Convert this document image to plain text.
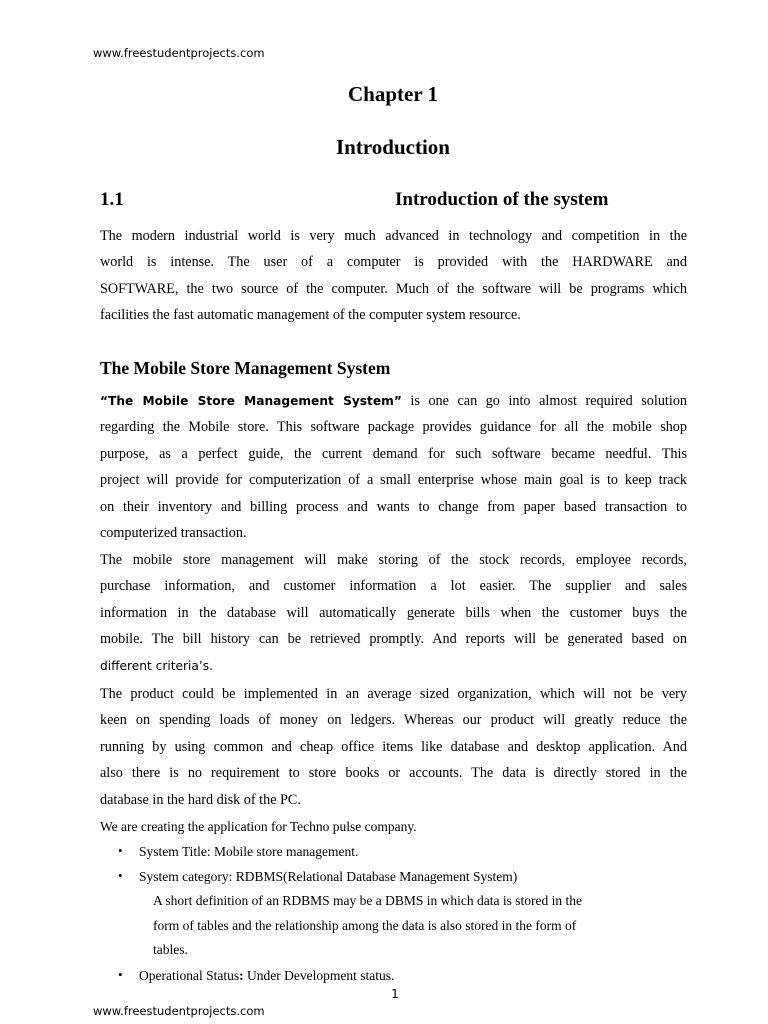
www.freestudentprojects.com
Chapter 1
Introduction
1.1	Introduction of the system
The modern industrial world is very much advanced in technology and competition in the
world is intense. The user of a computer is provided with the HARDWARE and
SOFTWARE, the two source of the computer. Much of the software will be programs which
facilities the fast automatic management of the computer system resource.
The Mobile Store Management System
“The Mobile Store Management System” is one can go into almost required solution
regarding the Mobile store. This software package provides guidance for all the mobile shop
purpose, as a perfect guide, the current demand for such software became needful. This
project will provide for computerization of a small enterprise whose main goal is to keep track
on their inventory and billing process and wants to change from paper based transaction to
computerized transaction.
The mobile store management will make storing of the stock records, employee records,
purchase information, and customer information a lot easier. The supplier and sales
information in the database will automatically generate bills when the customer buys the
mobile. The bill history can be retrieved promptly. And reports will be generated based on
different criteria’s.
The product could be implemented in an average sized organization, which will not be very
keen on spending loads of money on ledgers. Whereas our product will greatly reduce the
running by using common and cheap office items like database and desktop application. And
also there is no requirement to store books or accounts. The data is directly stored in the
database in the hard disk of the PC.
We are creating the application for Techno pulse company.
• System Title: Mobile store management.
• System category: RDBMS(Relational Database Management System)
A short definition of an RDBMS may be a DBMS in which data is stored in the
form of tables and the relationship among the data is also stored in the form of
tables.
• Operational Status: Under Development status.
1
www.freestudentprojects.com
